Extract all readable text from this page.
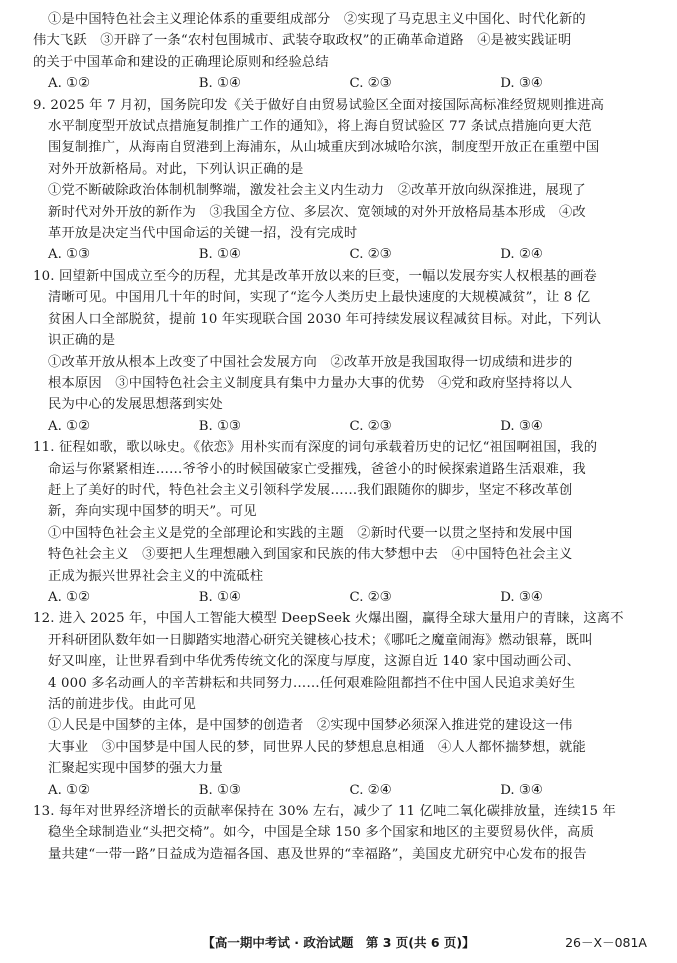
①是中国特色社会主义理论体系的重要组成部分　②实现了马克思主义中国化、时代化新的
伟大飞跃　③开辟了一条“农村包围城市、武装夺取政权”的正确革命道路　④是被实践证明
的关于中国革命和建设的正确理论原则和经验总结
A. ①②	B. ①④	C. ②③	D. ③④
9. 2025 年 7 月初，国务院印发《关于做好自由贸易试验区全面对接国际高标准经贸规则推进高
水平制度型开放试点措施复制推广工作的通知》，将上海自贸试验区 77 条试点措施向更大范
围复制推广，从海南自贸港到上海浦东，从山城重庆到冰城哈尔滨，制度型开放正在重塑中国
对外开放新格局。对此，下列认识正确的是
①党不断破除政治体制机制弊端，激发社会主义内生动力　②改革开放向纵深推进，展现了
新时代对外开放的新作为　③我国全方位、多层次、宽领域的对外开放格局基本形成　④改
革开放是决定当代中国命运的关键一招，没有完成时
A. ①③	B. ①④	C. ②③	D. ②④
10. 回望新中国成立至今的历程，尤其是改革开放以来的巨变，一幅以发展夯实人权根基的画卷
清晰可见。中国用几十年的时间，实现了“迄今人类历史上最快速度的大规模减贫”，让 8 亿
贫困人口全部脱贫，提前 10 年实现联合国 2030 年可持续发展议程减贫目标。对此，下列认
识正确的是
①改革开放从根本上改变了中国社会发展方向　②改革开放是我国取得一切成绩和进步的
根本原因　③中国特色社会主义制度具有集中力量办大事的优势　④党和政府坚持将以人
民为中心的发展思想落到实处
A. ①②	B. ①③	C. ②③	D. ③④
11. 征程如歌，歌以咏史。《依恋》用朴实而有深度的词句承载着历史的记忆“祖国啊祖国，我的
命运与你紧紧相连……爷爷小的时候国破家亡受摧残，爸爸小的时候探索道路生活艰难，我
赶上了美好的时代，特色社会主义引领科学发展……我们跟随你的脚步，坚定不移改革创
新，奔向实现中国梦的明天”。可见
①中国特色社会主义是党的全部理论和实践的主题　②新时代要一以贯之坚持和发展中国
特色社会主义　③要把人生理想融入到国家和民族的伟大梦想中去　④中国特色社会主义
正成为振兴世界社会主义的中流砥柱
A. ①②	B. ①④	C. ②③	D. ③④
12. 进入 2025 年，中国人工智能大模型 DeepSeek 火爆出圈，赢得全球大量用户的青睐，这离不
开科研团队数年如一日脚踏实地潜心研究关键核心技术；《哪吒之魔童闹海》燃动银幕，既叫
好又叫座，让世界看到中华优秀传统文化的深度与厚度，这源自近 140 家中国动画公司、
4 000 多名动画人的辛苦耕耘和共同努力……任何艰难险阻都挡不住中国人民追求美好生
活的前进步伐。由此可见
①人民是中国梦的主体，是中国梦的创造者　②实现中国梦必须深入推进党的建设这一伟
大事业　③中国梦是中国人民的梦，同世界人民的梦想息息相通　④人人都怀揣梦想，就能
汇聚起实现中国梦的强大力量
A. ①②	B. ①③	C. ②④	D. ③④
13. 每年对世界经济增长的贡献率保持在 30% 左右，减少了 11 亿吨二氧化碳排放量，连续15 年
稳坐全球制造业“头把交椅”。如今，中国是全球 150 多个国家和地区的主要贸易伙伴，高质
量共建“一带一路”日益成为造福各国、惠及世界的“幸福路”，美国皮尤研究中心发布的报告
【高一期中考试 · 政治试题　第 3 页(共 6 页)】	26－X－081A
